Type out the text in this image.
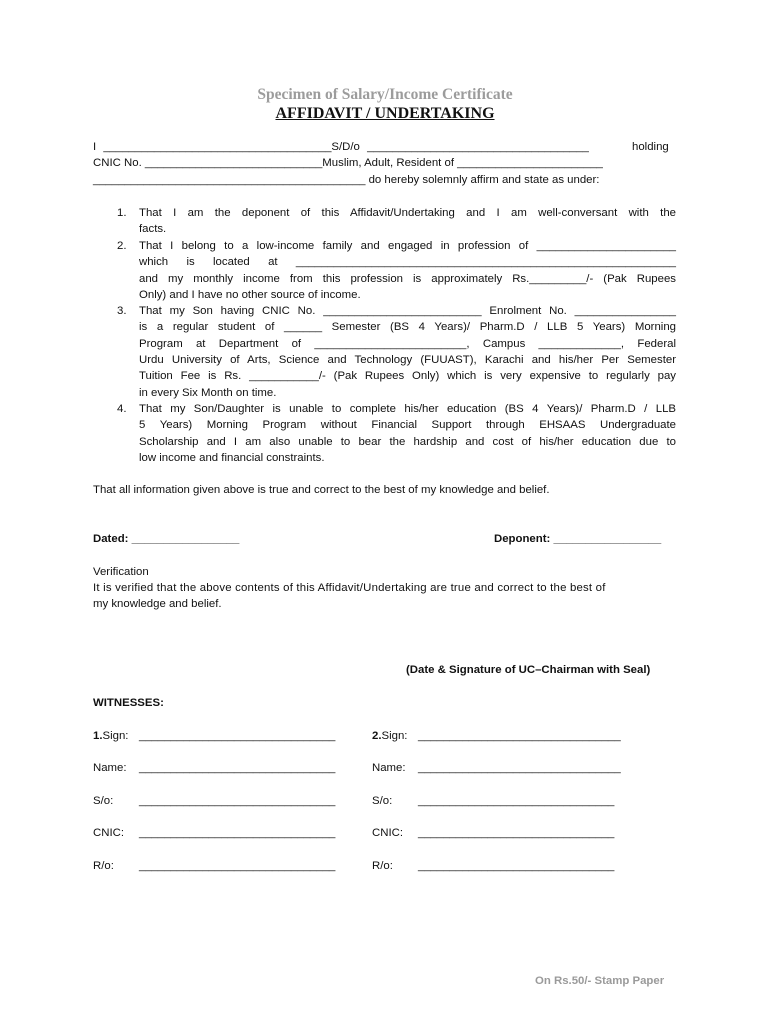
Specimen of Salary/Income Certificate
AFFIDAVIT / UNDERTAKING
I ____________________________________S/D/o ___________________________________	holding
CNIC No. ____________________________Muslim, Adult, Resident of _______________________
___________________________________________ do hereby solemnly affirm and state as under:
1. That I am the deponent of this Affidavit/Undertaking and I am well-conversant with the
facts.
2. That I belong to a low-income family and engaged in profession of ______________________
which is located at ____________________________________________________________
and my monthly income from this profession is approximately Rs._________/- (Pak Rupees
Only) and I have no other source of income.
3. That my Son having CNIC No. _________________________ Enrolment No. ________________
is a regular student of ______ Semester (BS 4 Years)/ Pharm.D / LLB 5 Years) Morning
Program at Department of ________________________, Campus _____________, Federal
Urdu University of Arts, Science and Technology (FUUAST), Karachi and his/her Per Semester
Tuition Fee is Rs. ___________/- (Pak Rupees Only) which is very expensive to regularly pay
in every Six Month on time.
4. That my Son/Daughter is unable to complete his/her education (BS 4 Years)/ Pharm.D / LLB
5 Years) Morning Program without Financial Support through EHSAAS Undergraduate
Scholarship and I am also unable to bear the hardship and cost of his/her education due to
low income and financial constraints.
That all information given above is true and correct to the best of my knowledge and belief.
Dated: _________________	Deponent: _________________
Verification
It is verified that the above contents of this Affidavit/Undertaking are true and correct to the best of
my knowledge and belief.
(Date & Signature of UC–Chairman with Seal)
WITNESSES:
1.Sign: _______________________________
Name: _______________________________
S/o: _______________________________
CNIC: _______________________________
R/o: _______________________________
2.Sign: ________________________________
Name: ________________________________
S/o: _______________________________
CNIC: _______________________________
R/o: _______________________________
On Rs.50/- Stamp Paper
